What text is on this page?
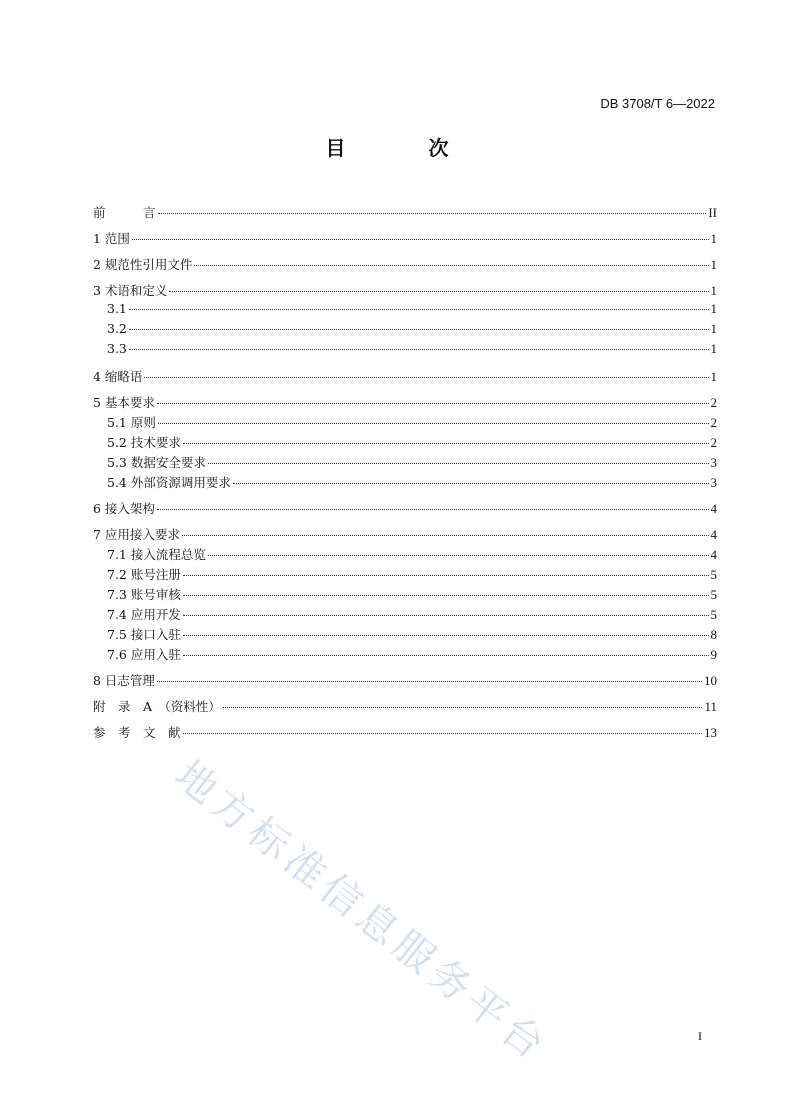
DB 3708/T 6—2022
目 次
前　　　言	II
1 范围	1
2 规范性引用文件	1
3 术语和定义	1
3.1	1
3.2	1
3.3	1
4 缩略语	1
5 基本要求	2
5.1 原则	2
5.2 技术要求	2
5.3 数据安全要求	3
5.4 外部资源调用要求	3
6 接入架构	4
7 应用接入要求	4
7.1 接入流程总览	4
7.2 账号注册	5
7.3 账号审核	5
7.4 应用开发	5
7.5 接口入驻	8
7.6 应用入驻	9
8 日志管理	10
附　录　A　（资料性）	11
参　考　文　献	13
地方标准信息服务平台	I
